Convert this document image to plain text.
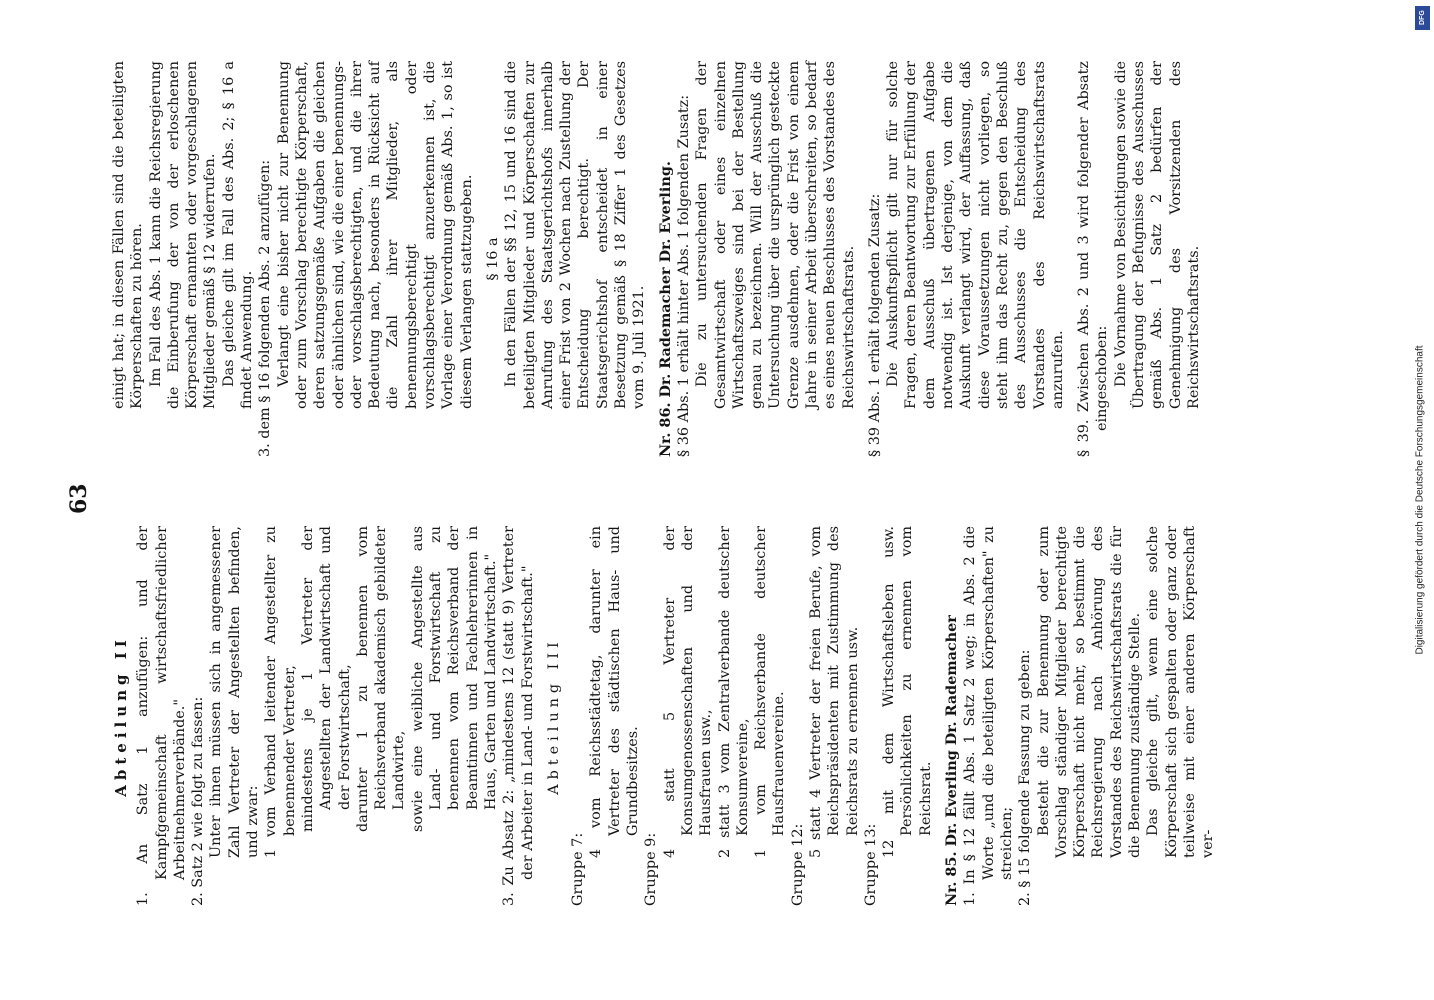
63

Abteilung II 1. An Satz 1 anzufügen: und der Kampfgemeinschaft wirtschaftsfriedlicher Arbeitnehmerverbände." 2. Satz 2 wie folgt zu fassen: Unter ihnen müssen sich in angemessener Zahl Vertreter der Angestellten befinden, und zwar: 1 vom Verband leitender Angestellter zu benennender Vertreter, mindestens je 1 Vertreter der Angestellten der Landwirtschaft und der Forstwirtschaft, darunter 1 zu benennen vom Reichsverband akademisch gebildeter Landwirte, sowie eine weibliche Angestellte aus Land- und Forstwirtschaft zu benennen vom Reichsverband der Beamtinnen und Fachlehrerinnen in Haus, Garten und Landwirtschaft." 3. Zu Absatz 2: „mindestens 12 (statt 9) Vertreter der Arbeiter in Land- und Forstwirtschaft." Abteilung III

Gruppe 7:

4 vom Reichsstädtetag, darunter ein Vertreter des städtischen Haus- und Grundbesitzes.

Gruppe 9:

4 statt 5 Vertreter der Konsumgenossenschaften und der Hausfrauen usw., 2 statt 3 vom Zentralverbande deutscher Konsumvereine, 1 vom Reichsverbande deutscher Hausfrauenvereine.

Gruppe 12:

5 statt 4 Vertreter der freien Berufe, vom Reichspräsidenten mit Zustimmung des Reichsrats zu ernennen usw.

Gruppe 13:

12 mit dem Wirtschaftsleben usw. Persönlichkeiten zu ernennen vom Reichsrat. Nr. 85. Dr. Everling Dr. Rademacher 1. In § 12 fällt Abs. 1 Satz 2 weg; in Abs. 2 die Worte „und die beteiligten Körperschaften" zu streichen; 2. § 15 folgende Fassung zu geben: Besteht die zur Benennung oder zum Vorschlag ständiger Mitglieder berechtigte Körperschaft nicht mehr, so bestimmt die Reichsregierung nach Anhörung des Vorstandes des Reichswirtschaftsrats die für die Benennung zuständige Stelle. Das gleiche gilt, wenn eine solche Körperschaft sich gespalten oder ganz oder teilweise mit einer anderen Körperschaft ver-

einigt hat; in diesen Fällen sind die beteiligten Körperschaften zu hören. Im Fall des Abs. 1 kann die Reichsregierung die Einberufung der von der erloschenen Körperschaft ernannten oder vorgeschlagenen Mitglieder gemäß § 12 widerrufen. Das gleiche gilt im Fall des Abs. 2; § 16 a findet Anwendung. 3. dem § 16 folgenden Abs. 2 anzufügen: Verlangt eine bisher nicht zur Benennung oder zum Vorschlag berechtigte Körperschaft, deren satzungsgemäße Aufgaben die gleichen oder ähnlichen sind, wie die einer benennungs- oder vorschlagsberechtigten, und die ihrer Bedeutung nach, besonders in Rücksicht auf die Zahl ihrer Mitglieder, als benennungsberechtigt oder vorschlagsberechtigt anzuerkennen ist, die Vorlage einer Verordnung gemäß Abs. 1, so ist diesem Verlangen stattzugeben. § 16 a In den Fällen der §§ 12, 15 und 16 sind die beteiligten Mitglieder und Körperschaften zur Anrufung des Staatsgerichtshofs innerhalb einer Frist von 2 Wochen nach Zustellung der Entscheidung berechtigt. Der Staatsgerichtshof entscheidet in einer Besetzung gemäß § 18 Ziffer 1 des Gesetzes vom 9. Juli 1921. Nr. 86. Dr. Rademacher Dr. Everling. § 36 Abs. 1 erhält hinter Abs. 1 folgenden Zusatz: Die zu untersuchenden Fragen der Gesamtwirtschaft oder eines einzelnen Wirtschaftszweiges sind bei der Bestellung genau zu bezeichnen. Will der Ausschuß die Untersuchung über die ursprünglich gesteckte Grenze ausdehnen, oder die Frist von einem Jahre in seiner Arbeit überschreiten, so bedarf es eines neuen Beschlusses des Vorstandes des Reichswirtschaftsrats. § 39 Abs. 1 erhält folgenden Zusatz: Die Auskunftspflicht gilt nur für solche Fragen, deren Beantwortung zur Erfüllung der dem Ausschuß übertragenen Aufgabe notwendig ist. Ist derjenige, von dem die Auskunft verlangt wird, der Auffassung, daß diese Voraussetzungen nicht vorliegen, so steht ihm das Recht zu, gegen den Beschluß des Ausschusses die Entscheidung des Vorstandes des Reichswirtschaftsrats anzurufen. § 39. Zwischen Abs. 2 und 3 wird folgender Absatz eingeschoben: Die Vornahme von Besichtigungen sowie die Übertragung der Befugnisse des Ausschusses gemäß Abs. 1 Satz 2 bedürfen der Genehmigung des Vorsitzenden des Reichswirtschaftsrats.

DFG
Digitalisierung gefördert durch die Deutsche Forschungsgemeinschaft
